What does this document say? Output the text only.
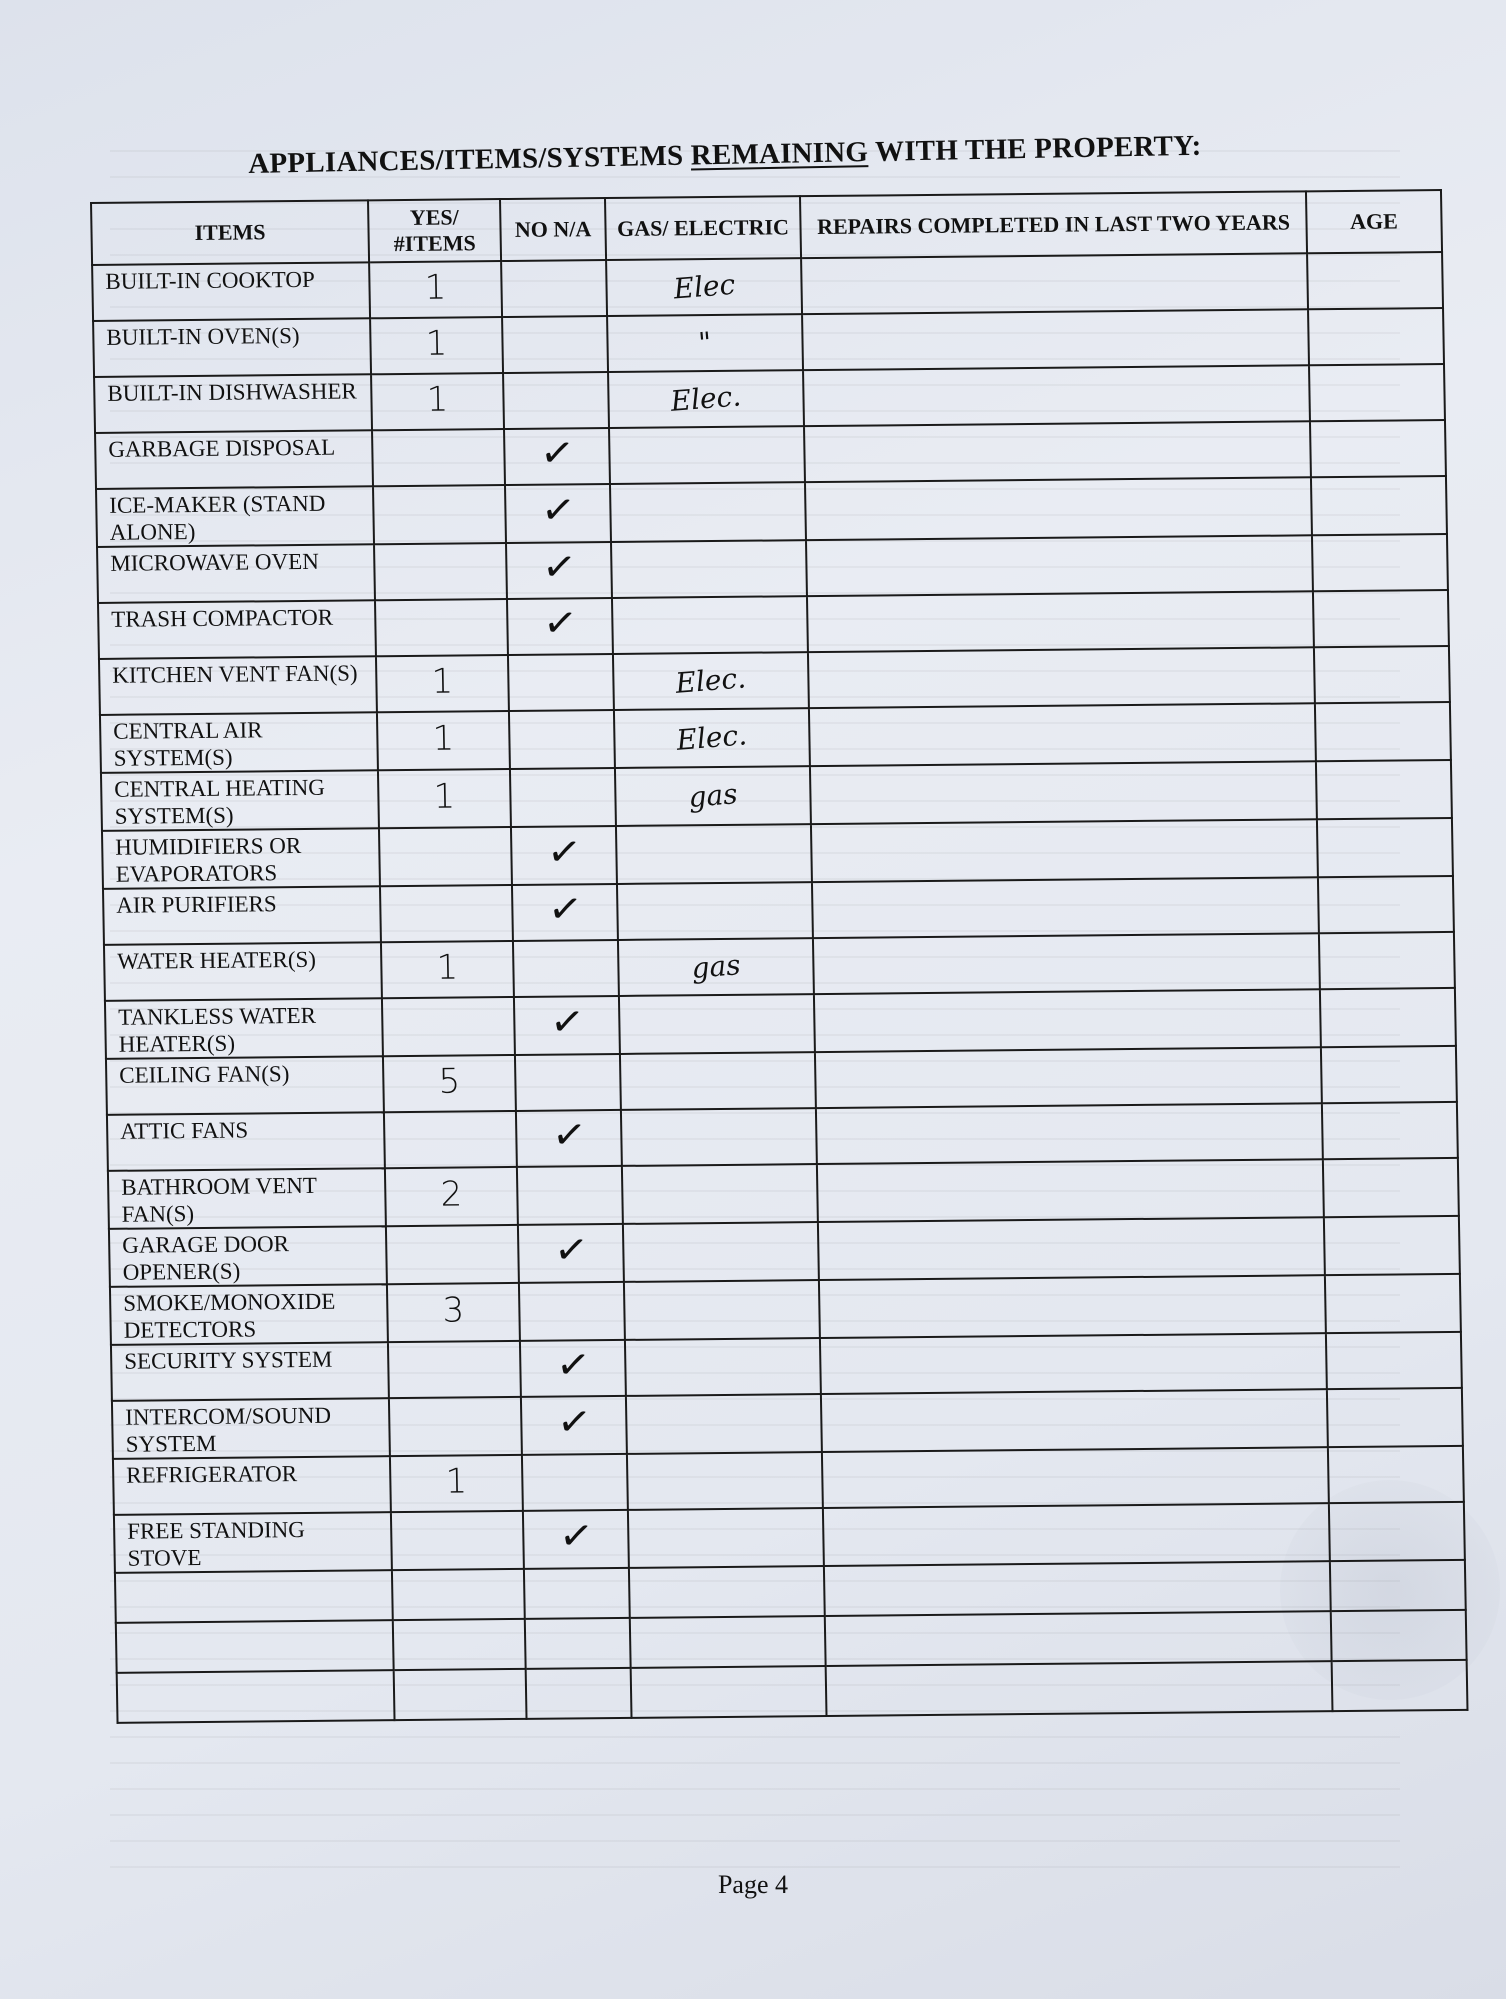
APPLIANCES/ITEMS/SYSTEMS REMAINING WITH THE PROPERTY:
ITEMS	YES/ #ITEMS	NO N/A	GAS/ ELECTRIC	REPAIRS COMPLETED IN LAST TWO YEARS	AGE
BUILT-IN COOKTOP	1		Elec		
BUILT-IN OVEN(S)	1		"		
BUILT-IN DISHWASHER	1		Elec.		
GARBAGE DISPOSAL		✓			
ICE-MAKER (STAND ALONE)		✓			
MICROWAVE OVEN		✓			
TRASH COMPACTOR		✓			
KITCHEN VENT FAN(S)	1		Elec.		
CENTRAL AIR SYSTEM(S)	1		Elec.		
CENTRAL HEATING SYSTEM(S)	1		gas		
HUMIDIFIERS OR EVAPORATORS		✓			
AIR PURIFIERS		✓			
WATER HEATER(S)	1		gas		
TANKLESS WATER HEATER(S)		✓			
CEILING FAN(S)	5				
ATTIC FANS		✓			
BATHROOM VENT FAN(S)	2				
GARAGE DOOR OPENER(S)		✓			
SMOKE/MONOXIDE DETECTORS	3				
SECURITY SYSTEM		✓			
INTERCOM/SOUND SYSTEM		✓			
REFRIGERATOR	1				
FREE STANDING STOVE		✓			

Page 4
